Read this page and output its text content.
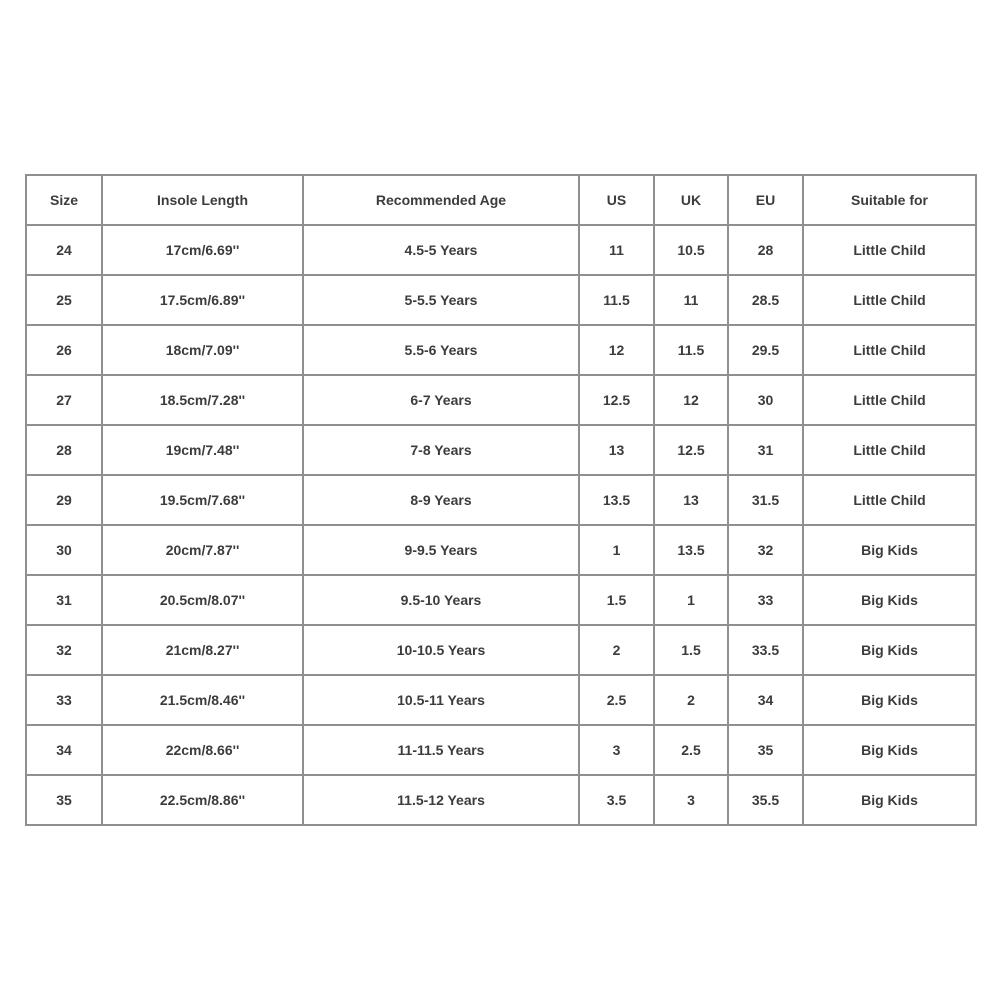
Size	Insole Length	Recommended Age	US	UK	EU	Suitable for
24	17cm/6.69''	4.5-5 Years	11	10.5	28	Little Child
25	17.5cm/6.89''	5-5.5 Years	11.5	11	28.5	Little Child
26	18cm/7.09''	5.5-6 Years	12	11.5	29.5	Little Child
27	18.5cm/7.28''	6-7 Years	12.5	12	30	Little Child
28	19cm/7.48''	7-8 Years	13	12.5	31	Little Child
29	19.5cm/7.68''	8-9 Years	13.5	13	31.5	Little Child
30	20cm/7.87''	9-9.5 Years	1	13.5	32	Big Kids
31	20.5cm/8.07''	9.5-10 Years	1.5	1	33	Big Kids
32	21cm/8.27''	10-10.5 Years	2	1.5	33.5	Big Kids
33	21.5cm/8.46''	10.5-11 Years	2.5	2	34	Big Kids
34	22cm/8.66''	11-11.5 Years	3	2.5	35	Big Kids
35	22.5cm/8.86''	11.5-12 Years	3.5	3	35.5	Big Kids
